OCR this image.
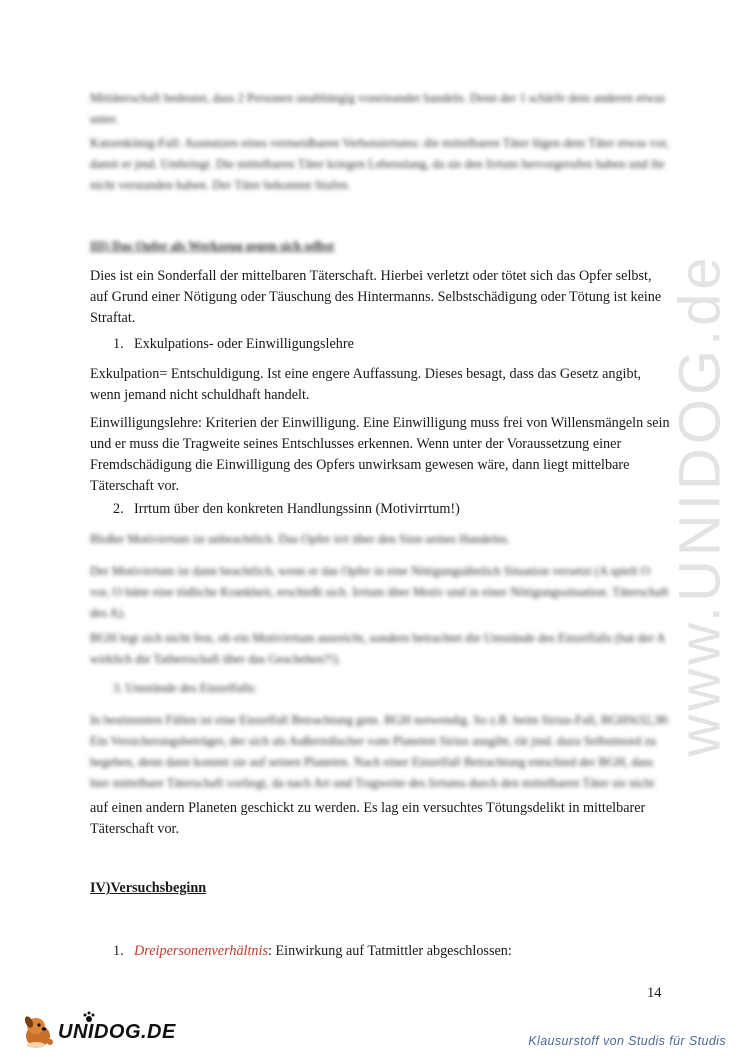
www.UNIDOG.de

Mittäterschaft bedeutet, dass 2 Personen unabhängig voneinander handeln. Denn der 1 schärfe dem anderen etwas unter.

Katzenkönig-Fall: Ausnutzen eines vermeidbaren Verbotsirrtums: die mittelbaren Täter lügen dem Täter etwas vor, damit er jmd. Umbringt. Die mittelbaren Täter kriegen Lebenslang, da sie den Irrtum hervorgerufen haben und ihr nicht verstanden haben. Der Täter bekommt Stufen.

III) Das Opfer als Werkzeug gegen sich selbst

Dies ist ein Sonderfall der mittelbaren Täterschaft. Hierbei verletzt oder tötet sich das Opfer selbst, auf Grund einer Nötigung oder Täuschung des Hintermanns. Selbstschädigung oder Tötung ist keine Straftat.

1. Exkulpations- oder Einwilligungslehre

Exkulpation= Entschuldigung. Ist eine engere Auffassung. Dieses besagt, dass das Gesetz angibt, wenn jemand nicht schuldhaft handelt.

Einwilligungslehre: Kriterien der Einwilligung. Eine Einwilligung muss frei von Willensmängeln sein und er muss die Tragweite seines Entschlusses erkennen. Wenn unter der Voraussetzung einer Fremdschädigung die Einwilligung des Opfers unwirksam gewesen wäre, dann liegt mittelbare Täterschaft vor.

2. Irrtum über den konkreten Handlungssinn (Motivirrtum!)

Bloßer Motivirrtum ist unbeachtlich. Das Opfer irrt über den Sinn seines Handelns.

Der Motivirrtum ist dann beachtlich, wenn er das Opfer in eine Nötigungsähnlich Situation versetzt (A spielt O vor, O hätte eine tödliche Krankheit, erschießt sich. Irrtum über Motiv und in einer Nötigungssituation. Täterschaft des A).

BGH legt sich nicht fest, ob ein Motivirrtum ausreicht, sondern betrachtet die Umstände des Einzelfalls (hat der A wirklich die Tatherrschaft über das Geschehen?!).

3. Umstände des Einzelfalls:

In bestimmten Fällen ist eine Einzelfall Betrachtung gem. BGH notwendig. So z.B. beim Sirius-Fall, BGHSt32,38: Ein Versicherungsbetrüger, der sich als Außerirdischer vom Planeten Sirius ausgibt, rät jmd. dazu Selbstmord zu begehen, denn dann kommt sie auf seinen Planeten. Nach einer Einzelfall Betrachtung entschied der BGH, dass hier mittelbare Täterschaft vorliegt, da nach Art und Tragweite des Irrtums durch den mittelbaren Täter sie nicht

auf einen andern Planeten geschickt zu werden. Es lag ein versuchtes Tötungsdelikt in mittelbarer

Täterschaft vor.

IV)Versuchsbeginn

1. Dreipersonenverhältnis: Einwirkung auf Tatmittler abgeschlossen:
14
UNIDOG.DE	Klausurstoff von Studis für Studis
